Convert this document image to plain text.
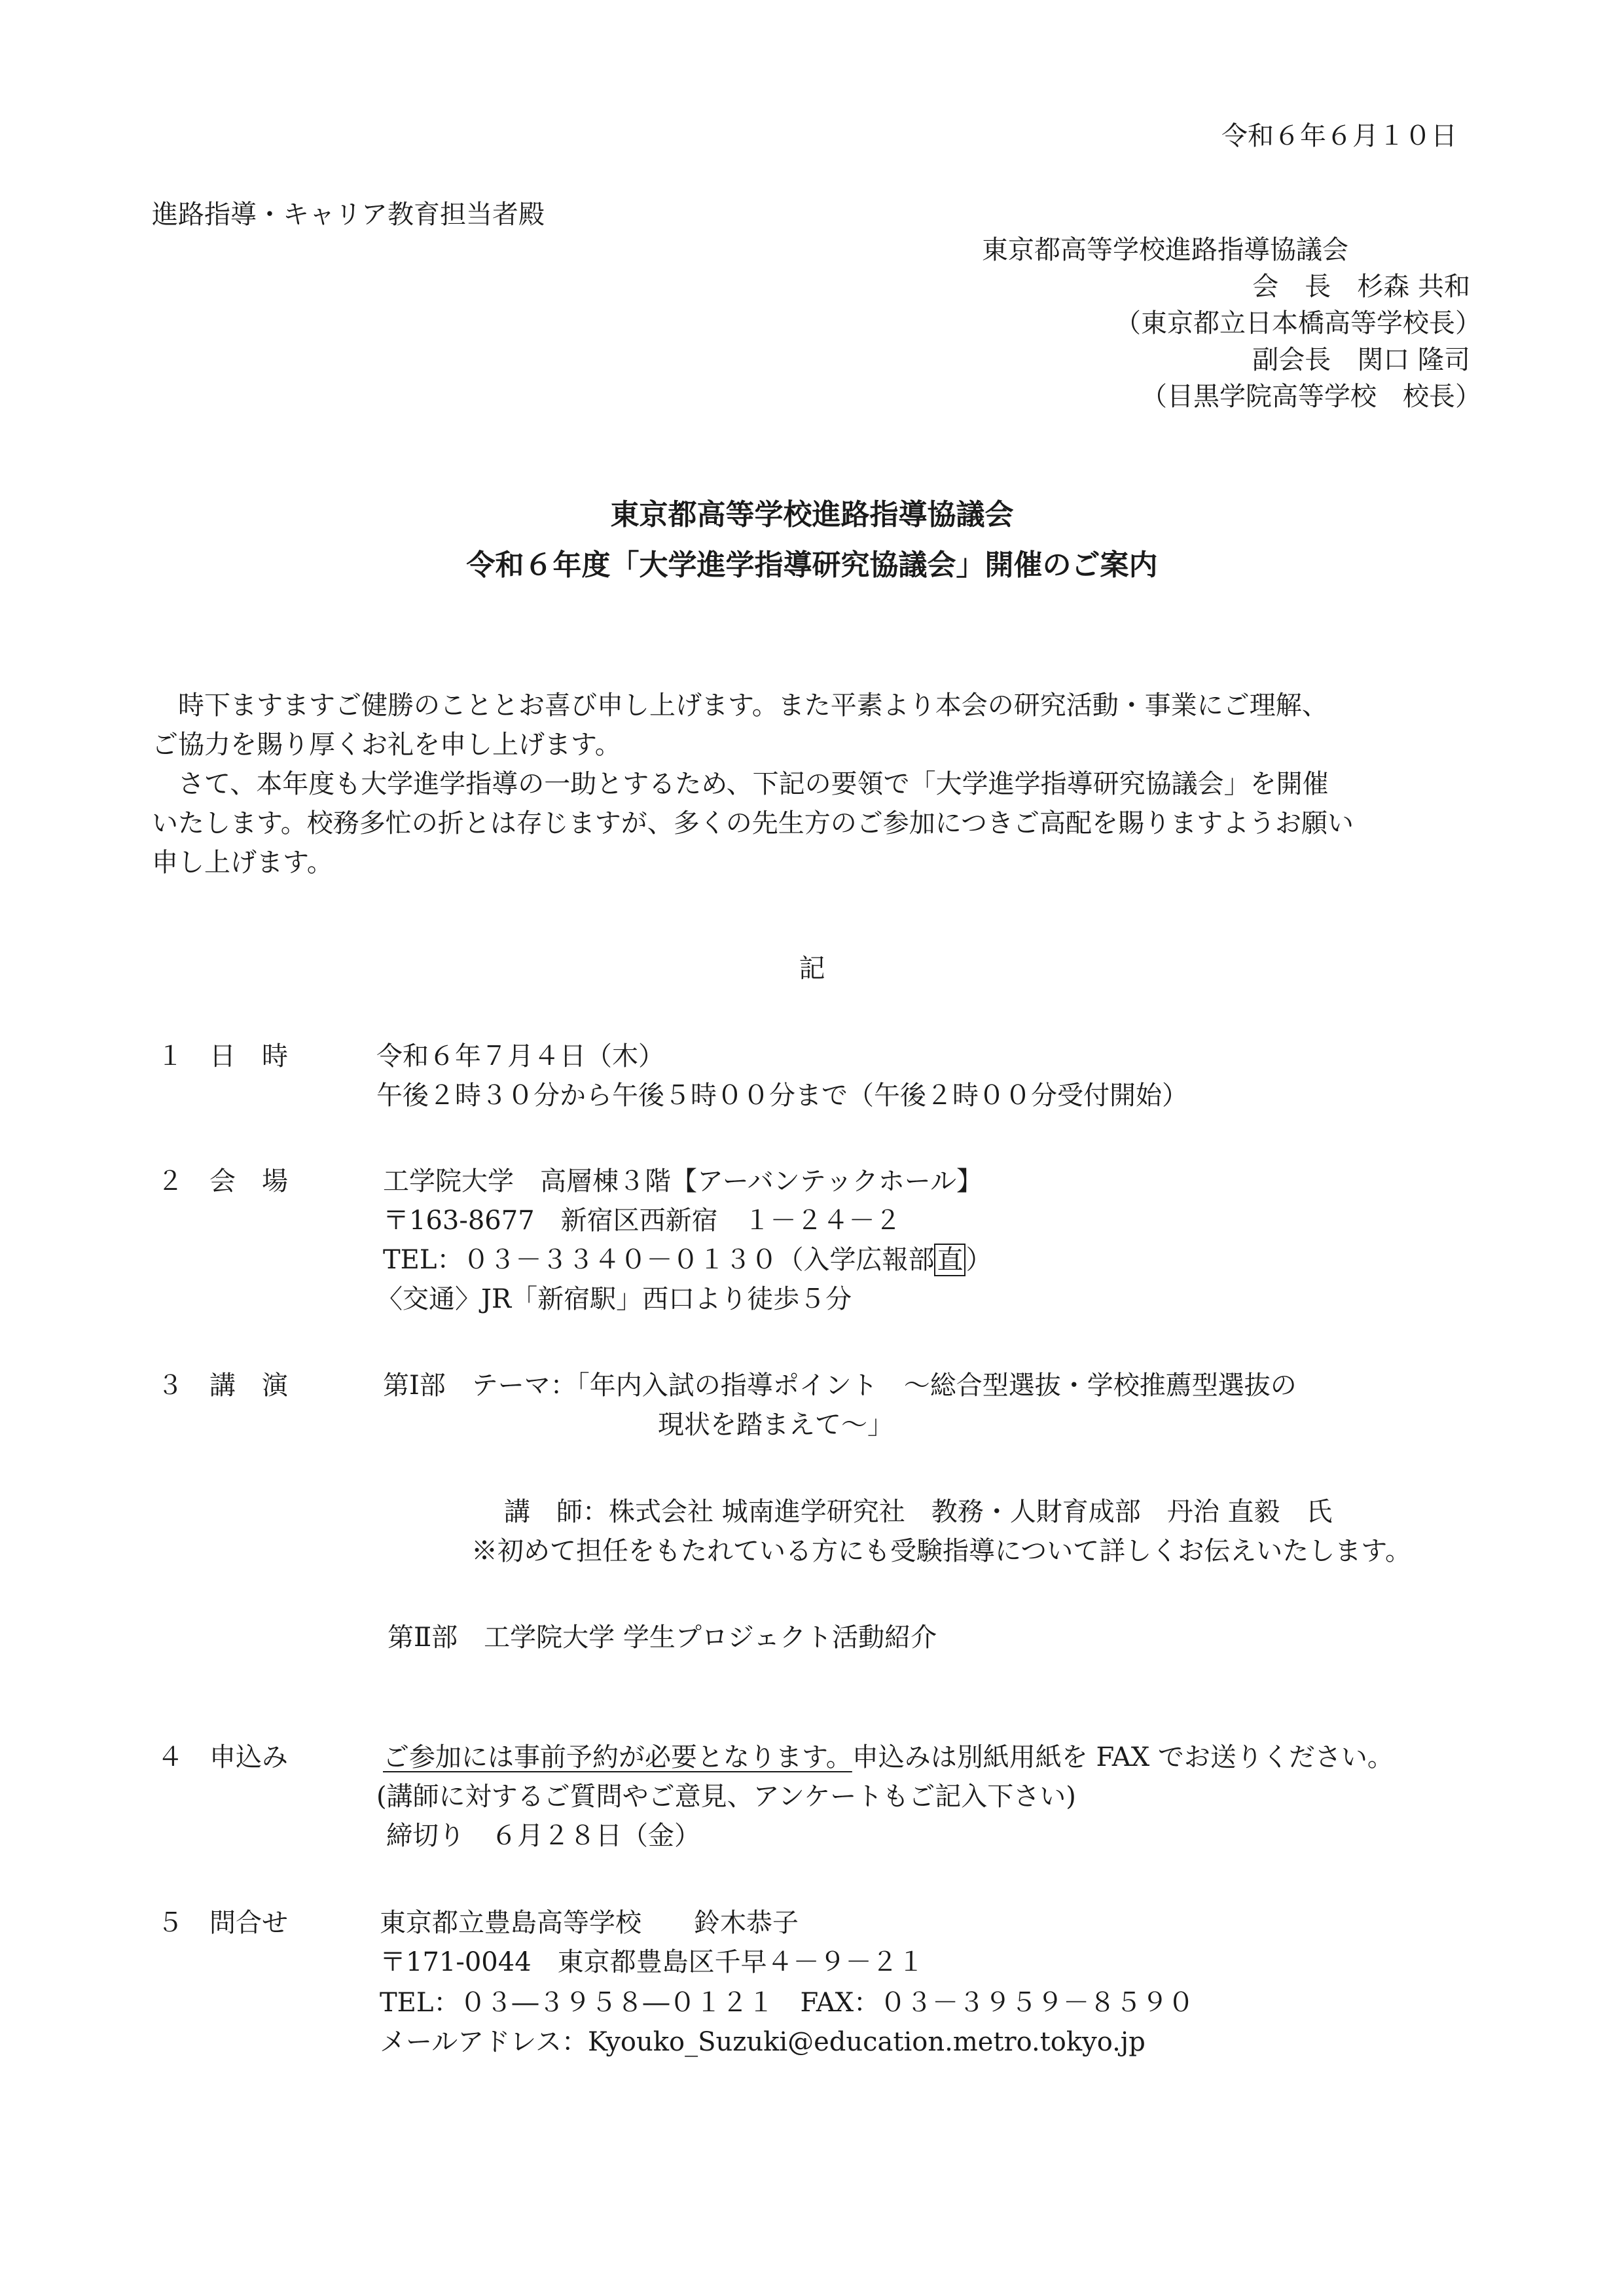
令和６年６月１０日
進路指導・キャリア教育担当者殿
東京都高等学校進路指導協議会
会　長　杉森 共和
（東京都立日本橋高等学校長）
副会長　関口 隆司
（目黒学院高等学校　校長）
東京都高等学校進路指導協議会
令和６年度「大学進学指導研究協議会」開催のご案内
　時下ますますご健勝のこととお喜び申し上げます。また平素より本会の研究活動・事業にご理解、
ご協力を賜り厚くお礼を申し上げます。
　さて、本年度も大学進学指導の一助とするため、下記の要領で「大学進学指導研究協議会」を開催
いたします。校務多忙の折とは存じますが、多くの先生方のご参加につきご高配を賜りますようお願い
申し上げます。
記
１ 日　時	令和６年７月４日（木）
午後２時３０分から午後５時００分まで（午後２時００分受付開始）
２ 会　場	工学院大学　高層棟３階【アーバンテックホール】
〒163-8677　新宿区西新宿　１－２４－２
TEL：０３－３３４０－０１３０（入学広報部 直 ）
〈交通〉JR「新宿駅」西口より徒歩５分
３ 講　演	第Ⅰ部　テーマ：「年内入試の指導ポイント　～総合型選抜・学校推薦型選抜の
現状を踏まえて～」
講　師：株式会社 城南進学研究社　教務・人財育成部　丹治 直毅　氏
※初めて担任をもたれている方にも受験指導について詳しくお伝えいたします。
第Ⅱ部　工学院大学 学生プロジェクト活動紹介
４ 申込み	ご参加には事前予約が必要となります。申込みは別紙用紙を FAX でお送りください。
(講師に対するご質問やご意見、アンケートもご記入下さい)
締切り　６月２８日（金）
５ 問合せ	東京都立豊島高等学校　　鈴木恭子
〒171-0044　東京都豊島区千早４－９－２１
TEL：０３―３９５８―０１２１　FAX：０３－３９５９－８５９０
メールアドレス：Kyouko_Suzuki@education.metro.tokyo.jp
